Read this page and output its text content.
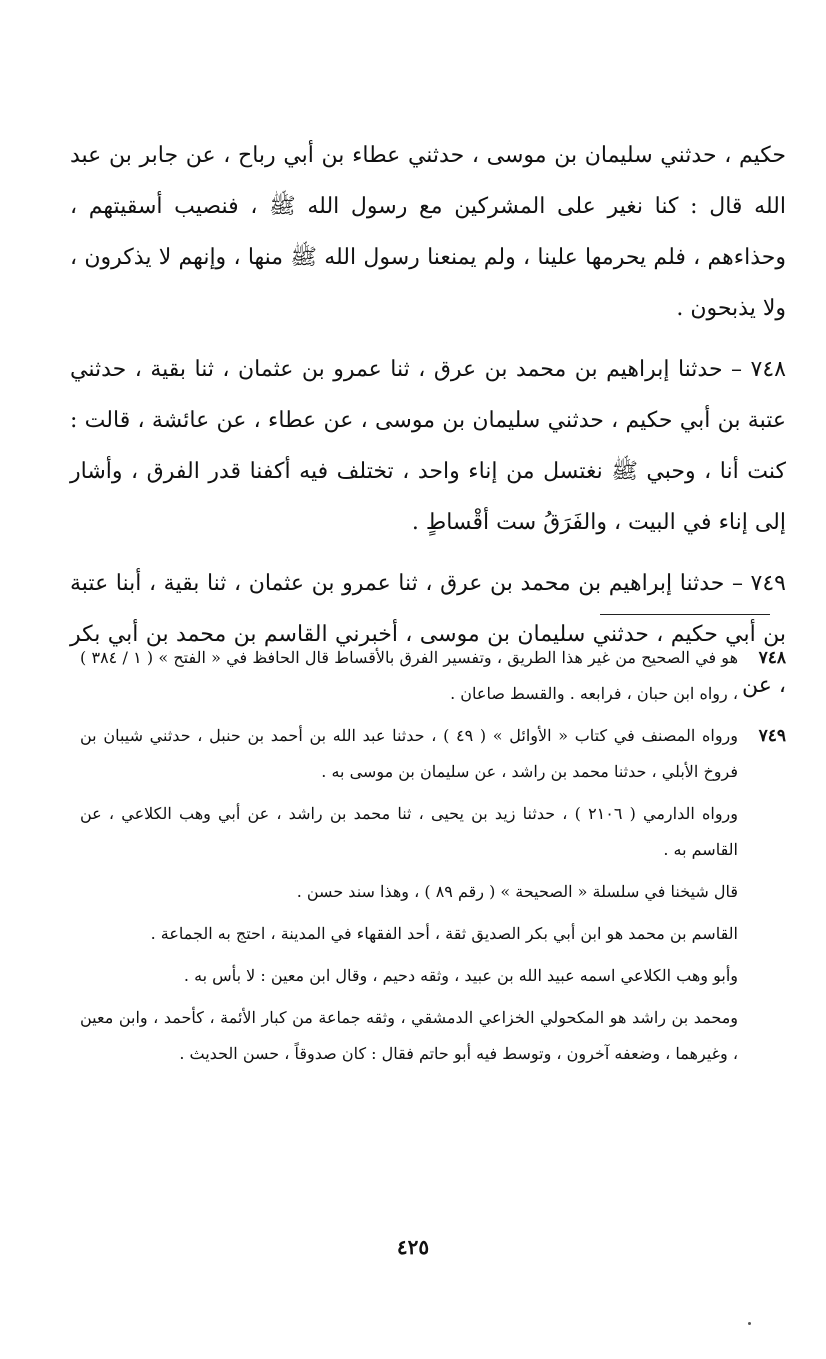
حكيم ، حدثني سليمان بن موسى ، حدثني عطاء بن أبي رباح ، عن جابر بن عبد الله قال : كنا نغير على المشركين مع رسول الله ﷺ ، فنصيب أسقيتهم ، وحذاءهم ، فلم يحرمها علينا ، ولم يمنعنا رسول الله ﷺ منها ، وإنهم لا يذكرون ، ولا يذبحون .

٧٤٨ – حدثنا إبراهيم بن محمد بن عرق ، ثنا عمرو بن عثمان ، ثنا بقية ، حدثني عتبة بن أبي حكيم ، حدثني سليمان بن موسى ، عن عطاء ، عن عائشة ، قالت : كنت أنا ، وحبي ﷺ نغتسل من إناء واحد ، تختلف فيه أكفنا قدر الفرق ، وأشار إلى إناء في البيت ، والفَرَقُ ست أقْساطٍ .

٧٤٩ – حدثنا إبراهيم بن محمد بن عرق ، ثنا عمرو بن عثمان ، ثنا بقية ، أبنا عتبة بن أبي حكيم ، حدثني سليمان بن موسى ، أخبرني القاسم بن محمد بن أبي بكر ، عن

٧٤٨

هو في الصحيح من غير هذا الطريق ، وتفسير الفرق بالأقساط قال الحافظ في « الفتح » ( ١ / ٣٨٤ ) ، رواه ابن حبان ، فرابعه . والقسط صاعان .

٧٤٩

ورواه المصنف في كتاب « الأوائل » ( ٤٩ ) ، حدثنا عبد الله بن أحمد بن حنبل ، حدثني شيبان بن فروخ الأبلي ، حدثنا محمد بن راشد ، عن سليمان بن موسى به .

ورواه الدارمي ( ٢١٠٦ ) ، حدثنا زيد بن يحيى ، ثنا محمد بن راشد ، عن أبي وهب الكلاعي ، عن القاسم به .

قال شيخنا في سلسلة « الصحيحة » ( رقم ٨٩ ) ، وهذا سند حسن .

القاسم بن محمد هو ابن أبي بكر الصديق ثقة ، أحد الفقهاء في المدينة ، احتج به الجماعة .

وأبو وهب الكلاعي اسمه عبيد الله بن عبيد ، وثقه دحيم ، وقال ابن معين : لا بأس به .

ومحمد بن راشد هو المكحولي الخزاعي الدمشقي ، وثقه جماعة من كبار الأئمة ، كأحمد ، وابن معين ، وغيرهما ، وضعفه آخرون ، وتوسط فيه أبو حاتم فقال : كان صدوقاً ، حسن الحديث .

٤٢٥
